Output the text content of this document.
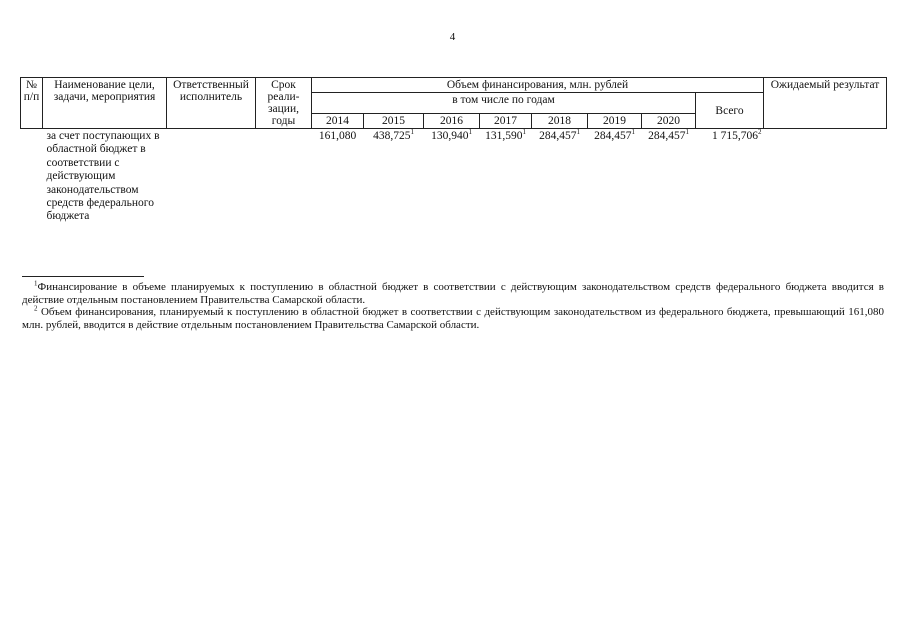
4
№ п/п	Наименование цели, задачи, мероприятия	Ответственный исполнитель	Срок реали-зации, годы	Объем финансирования, млн. рублей								Ожидаемый результат
				в том числе по годам							Всего	
				2014	2015	2016	2017	2018	2019	2020		
	за счет поступающих в областной бюджет в соответствии с действующим законодательством средств федерального бюджета			161,080	438,725$^1$	130,940$^1$	131,590$^1$	284,457$^1$	284,457$^1$	284,457$^1$	1 715,706$^2$	

$^1$Финансирование в объеме планируемых к поступлению в областной бюджет в соответствии с действующим законодательством средств федерального бюджета вводится в действие отдельным постановлением Правительства Самарской области.

$^2$ Объем финансирования, планируемый к поступлению в областной бюджет в соответствии с действующим законодательством из федерального бюджета, превышающий 161,080 млн. рублей, вводится в действие отдельным постановлением Правительства Самарской области.
